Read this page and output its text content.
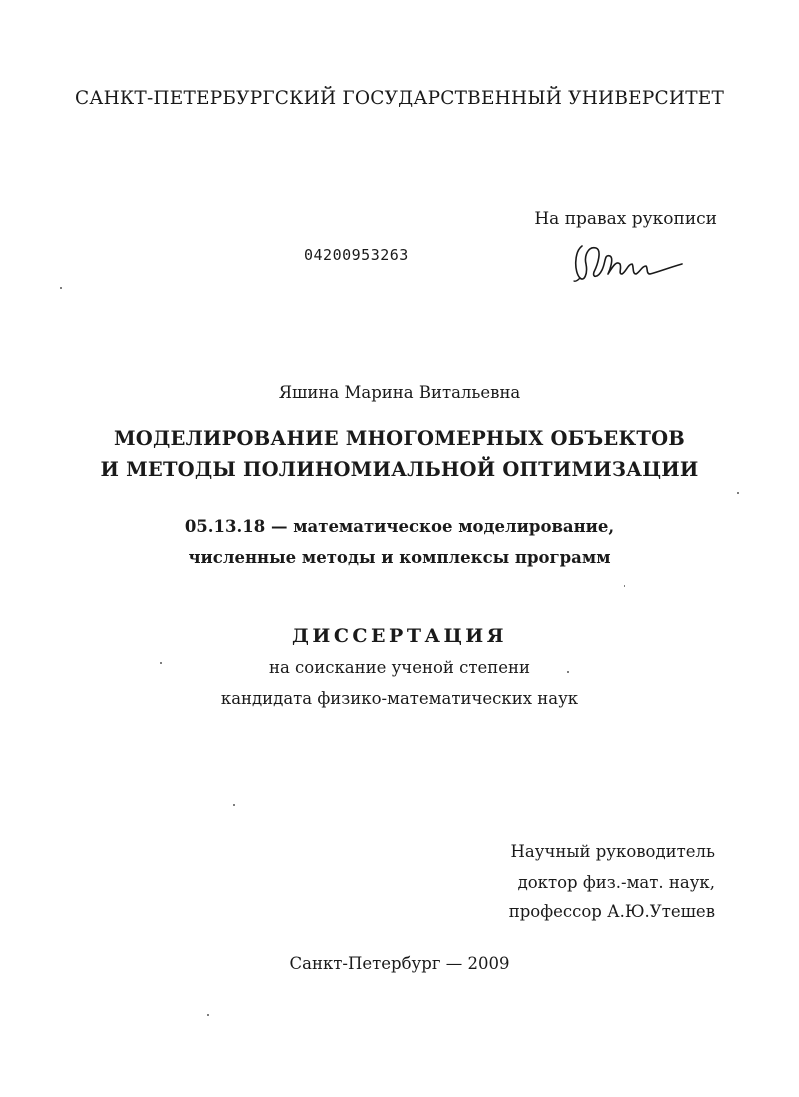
САНКТ-ПЕТЕРБУРГСКИЙ ГОСУДАРСТВЕННЫЙ УНИВЕРСИТЕТ
На правах рукописи
04200953263
Яшина Марина Витальевна
МОДЕЛИРОВАНИЕ МНОГОМЕРНЫХ ОБЪЕКТОВ
И МЕТОДЫ ПОЛИНОМИАЛЬНОЙ ОПТИМИЗАЦИИ
05.13.18 — математическое моделирование,
численные методы и комплексы программ
ДИССЕРТАЦИЯ
на соискание ученой степени
кандидата физико-математических наук
Научный руководитель
доктор физ.-мат. наук,
профессор А.Ю.Утешев
Санкт-Петербург — 2009
